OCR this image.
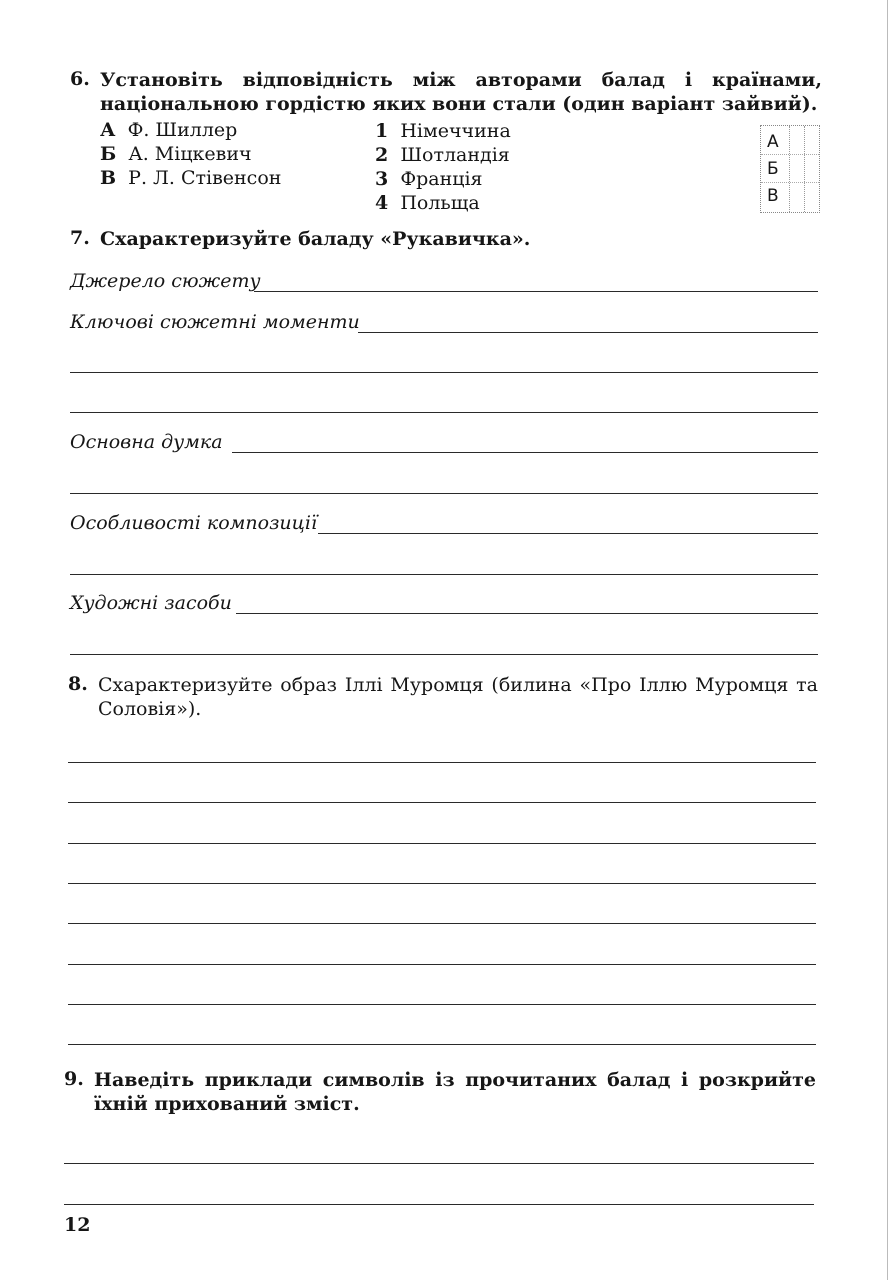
6. Установіть відповідність між авторами балад і країнами, національною гордістю яких вони стали (один варіант зайвий).
А Ф. Шиллер
Б А. Міцкевич
В Р. Л. Стівенсон
1 Німеччина
2 Шотландія
3 Франція
4 Польща
А
Б
В
7. Схарактеризуйте баладу «Рукавичка».
Джерело сюжету
Ключові сюжетні моменти
Основна думка
Особливості композиції
Художні засоби
8. Схарактеризуйте образ Іллі Муромця (билина «Про Іллю Муромця та Соловія»).
9. Наведіть приклади символів із прочитаних балад і розкрийте їхній прихований зміст.
12
